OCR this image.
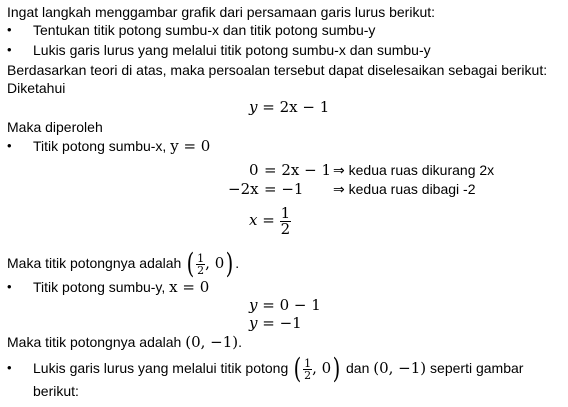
Ingat langkah menggambar grafik dari persamaan garis lurus berikut:
• Tentukan titik potong sumbu-x dan titik potong sumbu-y
• Lukis garis lurus yang melalui titik potong sumbu-x dan sumbu-y
Berdasarkan teori di atas, maka persoalan tersebut dapat diselesaikan sebagai berikut:
Diketahui
y = 2x − 1
Maka diperoleh
• Titik potong sumbu-x, y = 0
0 = 2x − 1 ⇒ kedua ruas dikurang 2x
−2x = −1 ⇒ kedua ruas dibagi -2
$x = \frac{1}{2}$
Maka titik potongnya adalah ( $\frac{1}{2}$ , 0) .
• Titik potong sumbu-y, x = 0
y = 0 − 1
y = −1
Maka titik potongnya adalah (0, −1).
• Lukis garis lurus yang melalui titik potong ( $\frac{1}{2}$ , 0) dan (0, −1) seperti gambar
berikut:
